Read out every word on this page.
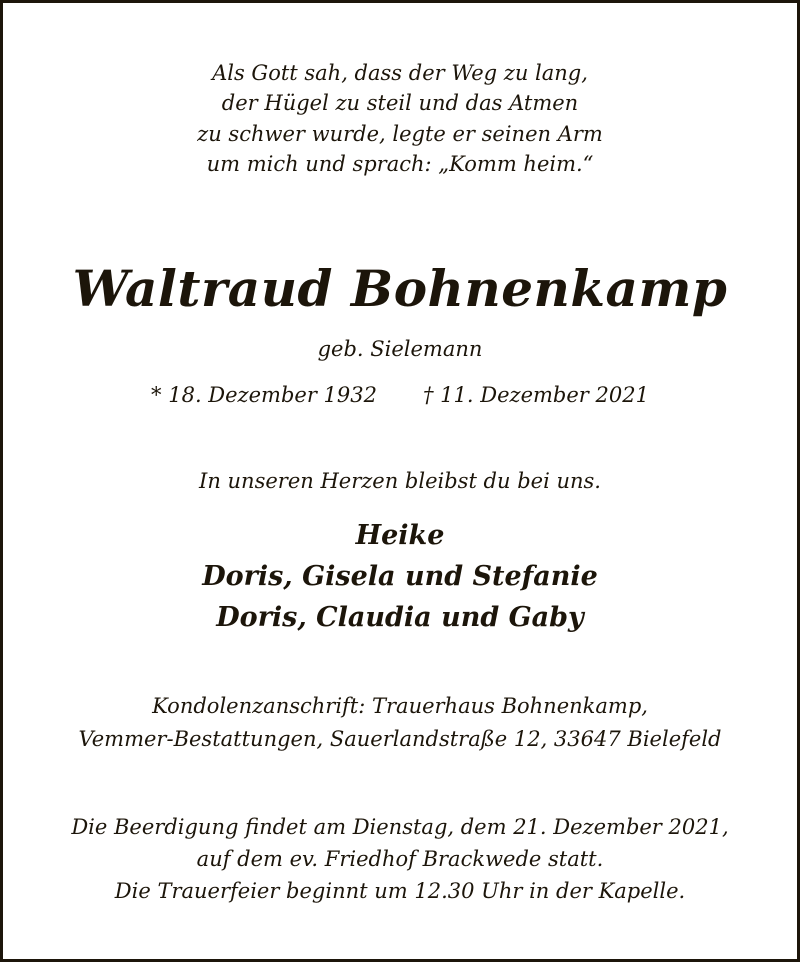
Als Gott sah, dass der Weg zu lang,
der Hügel zu steil und das Atmen
zu schwer wurde, legte er seinen Arm
um mich und sprach: „Komm heim.“
Waltraud Bohnenkamp
geb. Sielemann
* 18. Dezember 1932 † 11. Dezember 2021
In unseren Herzen bleibst du bei uns.
Heike
Doris, Gisela und Stefanie
Doris, Claudia und Gaby
Kondolenzanschrift: Trauerhaus Bohnenkamp,
Vemmer-Bestattungen, Sauerlandstraße 12, 33647 Bielefeld
Die Beerdigung findet am Dienstag, dem 21. Dezember 2021,
auf dem ev. Friedhof Brackwede statt.
Die Trauerfeier beginnt um 12.30 Uhr in der Kapelle.
